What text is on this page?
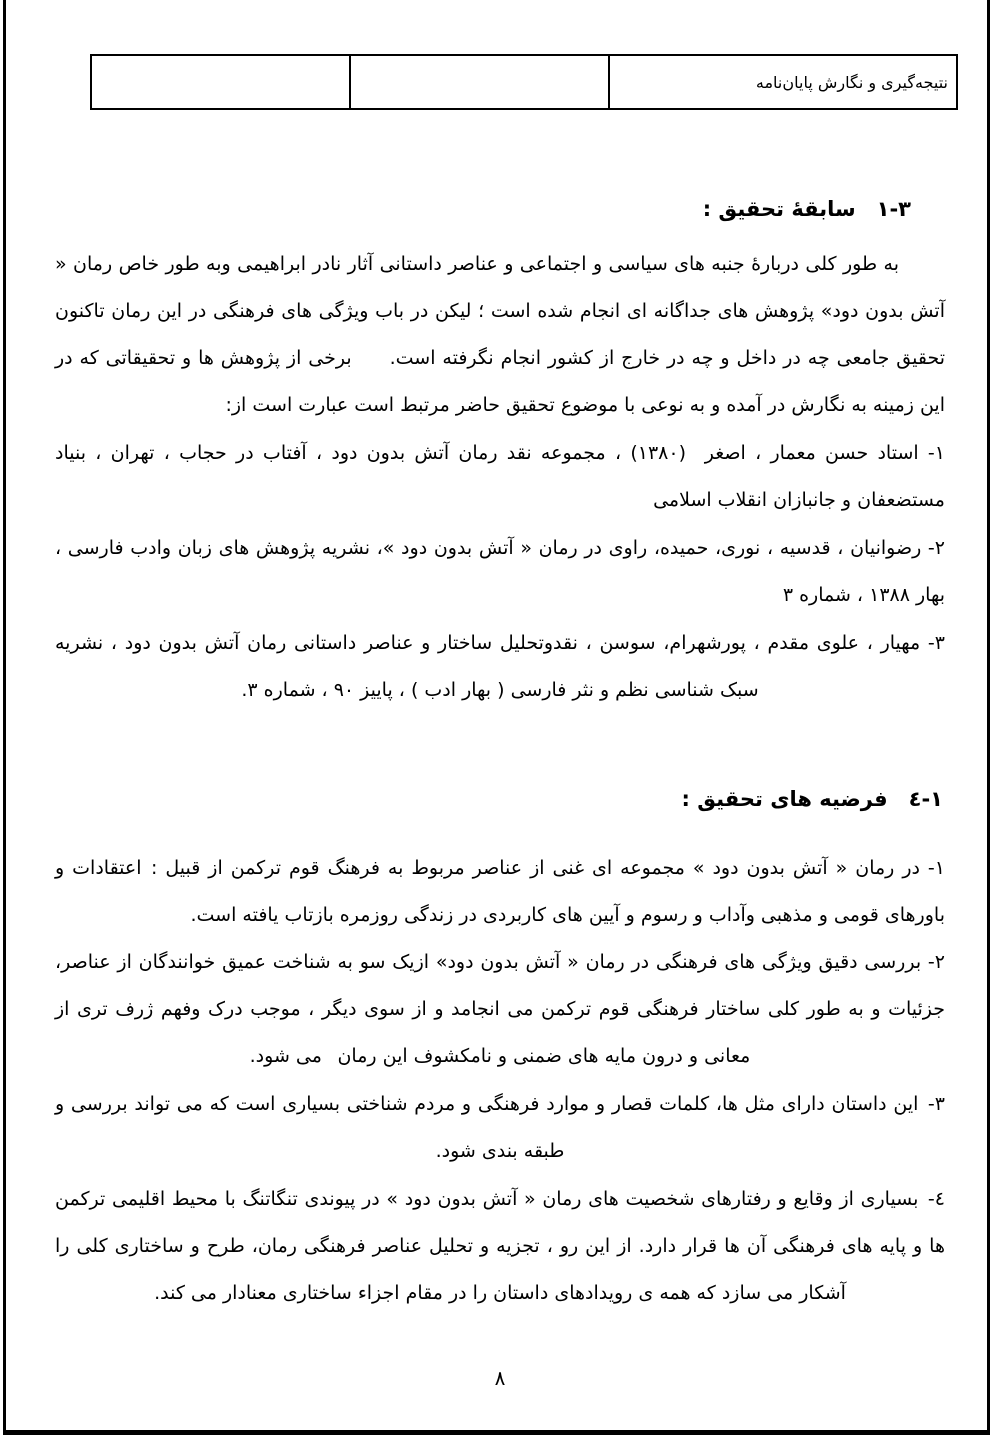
نتیجه‌گیری و نگارش پایان‌نامه		
۱-۳ سابقهٔ تحقیق :

به طور کلی دربارهٔ جنبه های سیاسی و اجتماعی و عناصر داستانی آثار نادر ابراهیمی وبه طور خاص رمان « آتش بدون دود» پژوهش های جداگانه ای انجام شده است ؛ لیکن در باب ویژگی های فرهنگی در این رمان تاکنون تحقیق جامعی چه در داخل و چه در خارج از کشور انجام نگرفته است.  برخی از پژوهش ها و تحقیقاتی که در این زمینه به نگارش در آمده و به نوعی با موضوع تحقیق حاضر مرتبط است عبارت است از:

۱- استاد حسن معمار ، اصغر  (۱۳۸۰) ، مجموعه نقد رمان آتش بدون دود ، آفتاب در حجاب ، تهران ، بنیاد مستضعفان و جانبازان انقلاب اسلامی

۲- رضوانیان ، قدسیه ، نوری، حمیده، راوی در رمان « آتش بدون دود »، نشریه پژوهش های زبان وادب فارسی ، بهار ۱۳۸۸ ، شماره ۳

۳- مهیار ، علوی مقدم ، پورشهرام، سوسن ، نقدوتحلیل ساختار و عناصر داستانی رمان آتش بدون دود ، نشریه سبک شناسی نظم و نثر فارسی ( بهار ادب ) ، پاییز ۹۰ ، شماره ۳.

۱-٤ فرضیه های تحقیق :

۱- در رمان « آتش بدون دود » مجموعه ای غنی از عناصر مربوط به فرهنگ قوم ترکمن از قبیل : اعتقادات و باورهای قومی و مذهبی وآداب و رسوم و آیین های کاربردی در زندگی روزمره بازتاب یافته است.

۲- بررسی دقیق ویژگی های فرهنگی در رمان « آتش بدون دود» ازیک سو به شناخت عمیق خوانندگان از عناصر، جزئیات و به طور کلی ساختار فرهنگی قوم ترکمن می انجامد و از سوی دیگر ، موجب درک وفهم ژرف تری از معانی و درون مایه های ضمنی و نامکشوف این رمان  می شود.

۳- این داستان دارای مثل ها، کلمات قصار و موارد فرهنگی و مردم شناختی بسیاری است که می تواند بررسی و طبقه بندی شود.

٤- بسیاری از وقایع و رفتارهای شخصیت های رمان « آتش بدون دود » در پیوندی تنگاتنگ با محیط اقلیمی ترکمن ها و پایه های فرهنگی آن ها قرار دارد. از این رو ، تجزیه و تحلیل عناصر فرهنگی رمان، طرح و ساختاری کلی را آشکار می سازد که همه ی رویدادهای داستان را در مقام اجزاء ساختاری معنادار می کند.

۸
